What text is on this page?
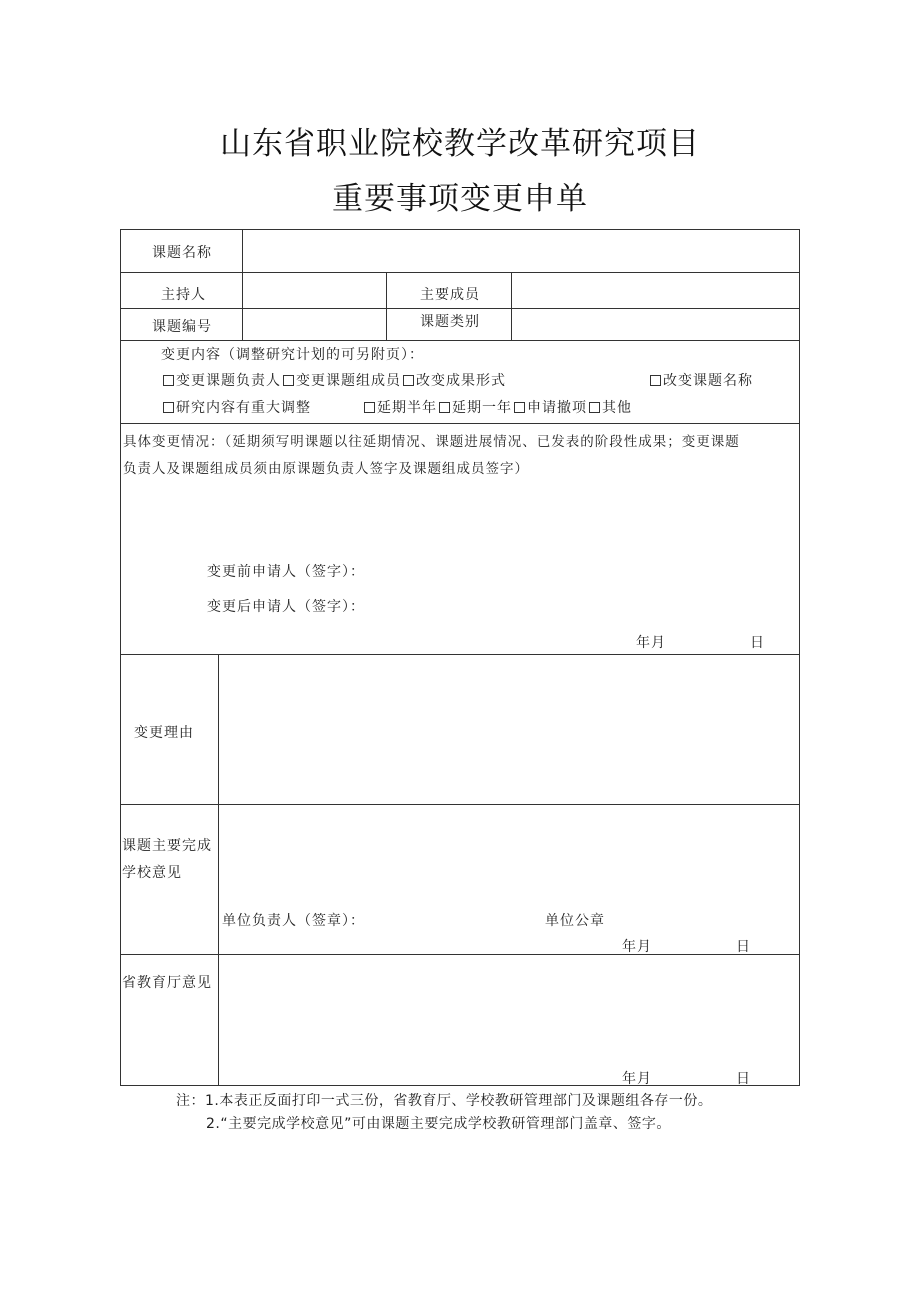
山东省职业院校教学改革研究项目
重要事项变更申单
课题名称
主持人	主要成员
课题编号	课题类别
变更内容（调整研究计划的可另附页）：
变更课题负责人 变更课题组成员 改变成果形式	改变课题名称
研究内容有重大调整	延期半年 延期一年 申请撤项 其他
具体变更情况：（延期须写明课题以往延期情况、课题进展情况、已发表的阶段性成果；变更课题
负责人及课题组成员须由原课题负责人签字及课题组成员签字）
变更前申请人（签字）：
变更后申请人（签字）：
年月	日
变更理由
课题主要完成
学校意见
单位负责人（签章）：	单位公章
年月	日
省教育厅意见
年月	日
注：1.本表正反面打印一式三份，省教育厅、学校教研管理部门及课题组各存一份。
2.“主要完成学校意见”可由课题主要完成学校教研管理部门盖章、签字。
